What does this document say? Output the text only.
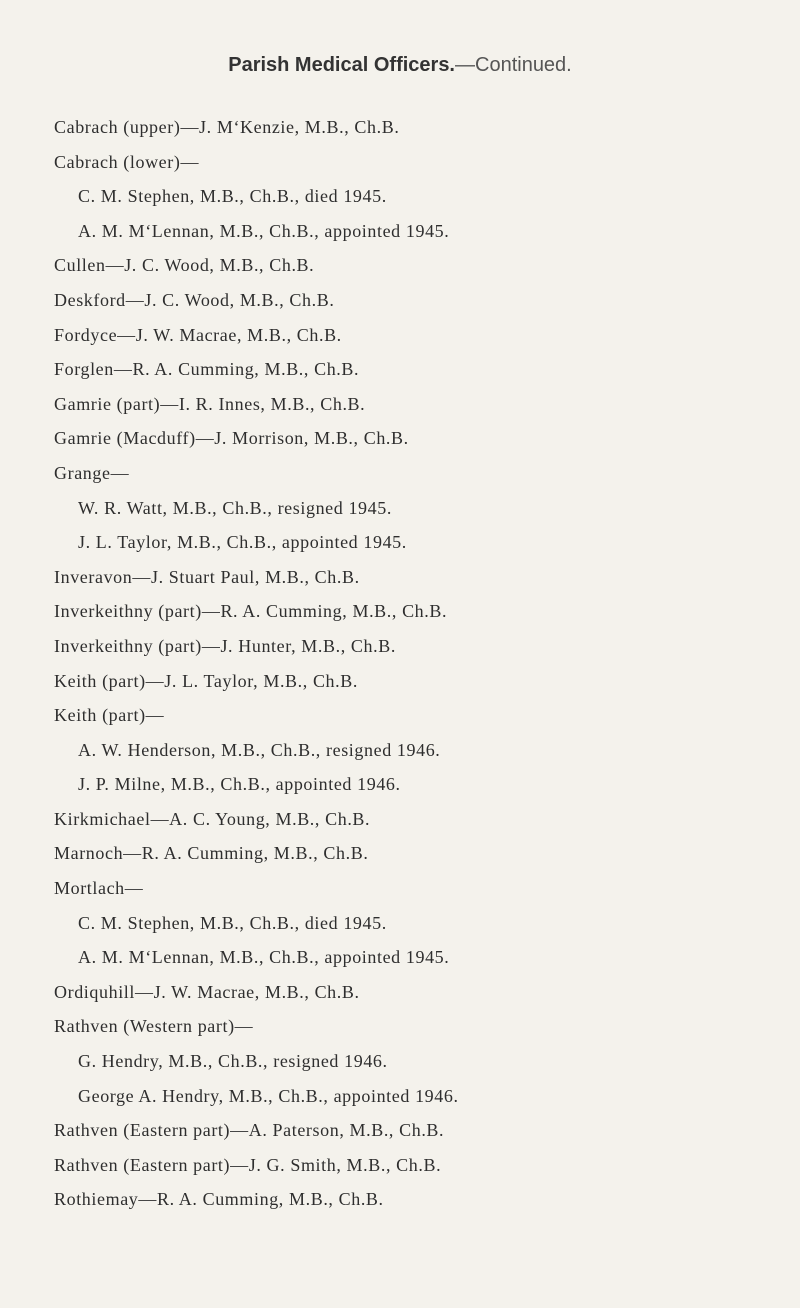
Parish Medical Officers.—Continued.
Cabrach (upper)—J. M‘Kenzie, M.B., Ch.B.
Cabrach (lower)—
C. M. Stephen, M.B., Ch.B., died 1945.
A. M. M‘Lennan, M.B., Ch.B., appointed 1945.
Cullen—J. C. Wood, M.B., Ch.B.
Deskford—J. C. Wood, M.B., Ch.B.
Fordyce—J. W. Macrae, M.B., Ch.B.
Forglen—R. A. Cumming, M.B., Ch.B.
Gamrie (part)—I. R. Innes, M.B., Ch.B.
Gamrie (Macduff)—J. Morrison, M.B., Ch.B.
Grange—
W. R. Watt, M.B., Ch.B., resigned 1945.
J. L. Taylor, M.B., Ch.B., appointed 1945.
Inveravon—J. Stuart Paul, M.B., Ch.B.
Inverkeithny (part)—R. A. Cumming, M.B., Ch.B.
Inverkeithny (part)—J. Hunter, M.B., Ch.B.
Keith (part)—J. L. Taylor, M.B., Ch.B.
Keith (part)—
A. W. Henderson, M.B., Ch.B., resigned 1946.
J. P. Milne, M.B., Ch.B., appointed 1946.
Kirkmichael—A. C. Young, M.B., Ch.B.
Marnoch—R. A. Cumming, M.B., Ch.B.
Mortlach—
C. M. Stephen, M.B., Ch.B., died 1945.
A. M. M‘Lennan, M.B., Ch.B., appointed 1945.
Ordiquhill—J. W. Macrae, M.B., Ch.B.
Rathven (Western part)—
G. Hendry, M.B., Ch.B., resigned 1946.
George A. Hendry, M.B., Ch.B., appointed 1946.
Rathven (Eastern part)—A. Paterson, M.B., Ch.B.
Rathven (Eastern part)—J. G. Smith, M.B., Ch.B.
Rothiemay—R. A. Cumming, M.B., Ch.B.
